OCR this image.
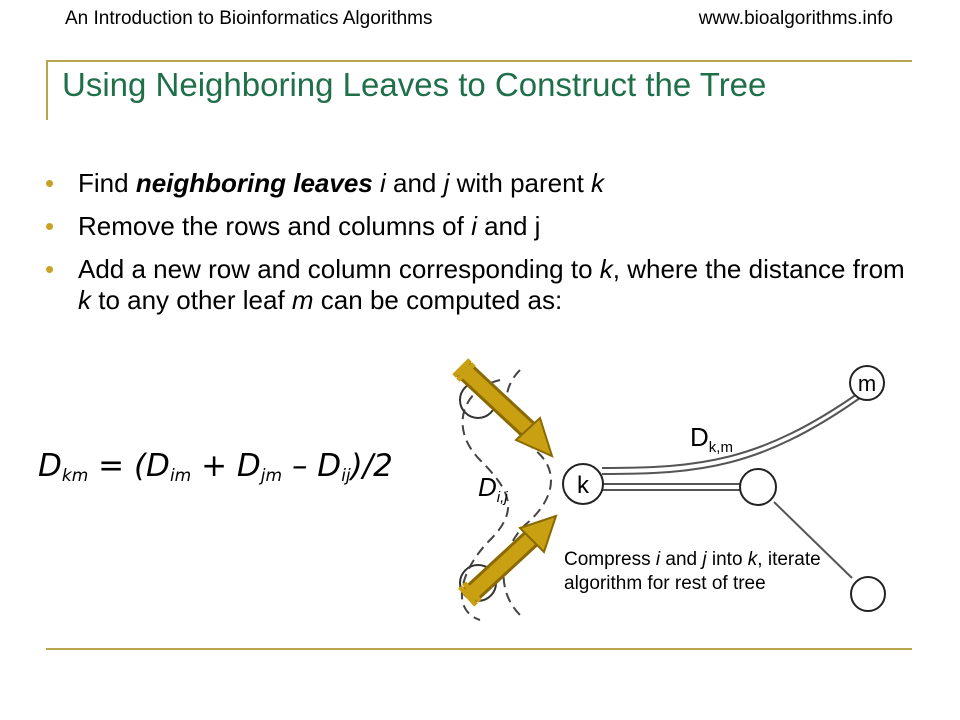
An Introduction to Bioinformatics Algorithms	www.bioalgorithms.info
Using Neighboring Leaves to Construct the Tree
• Find neighboring leaves i and j with parent k
• Remove the rows and columns of i and j
• Add a new row and column corresponding to k, where the distance from k to any other leaf m can be computed as:
$D_{km} = (D_{im} + D_{jm} - D_{ij})/2$
k
m
$D_{k,m}$
$D_{i,j}$
Compress i and j into k, iterate algorithm for rest of tree
